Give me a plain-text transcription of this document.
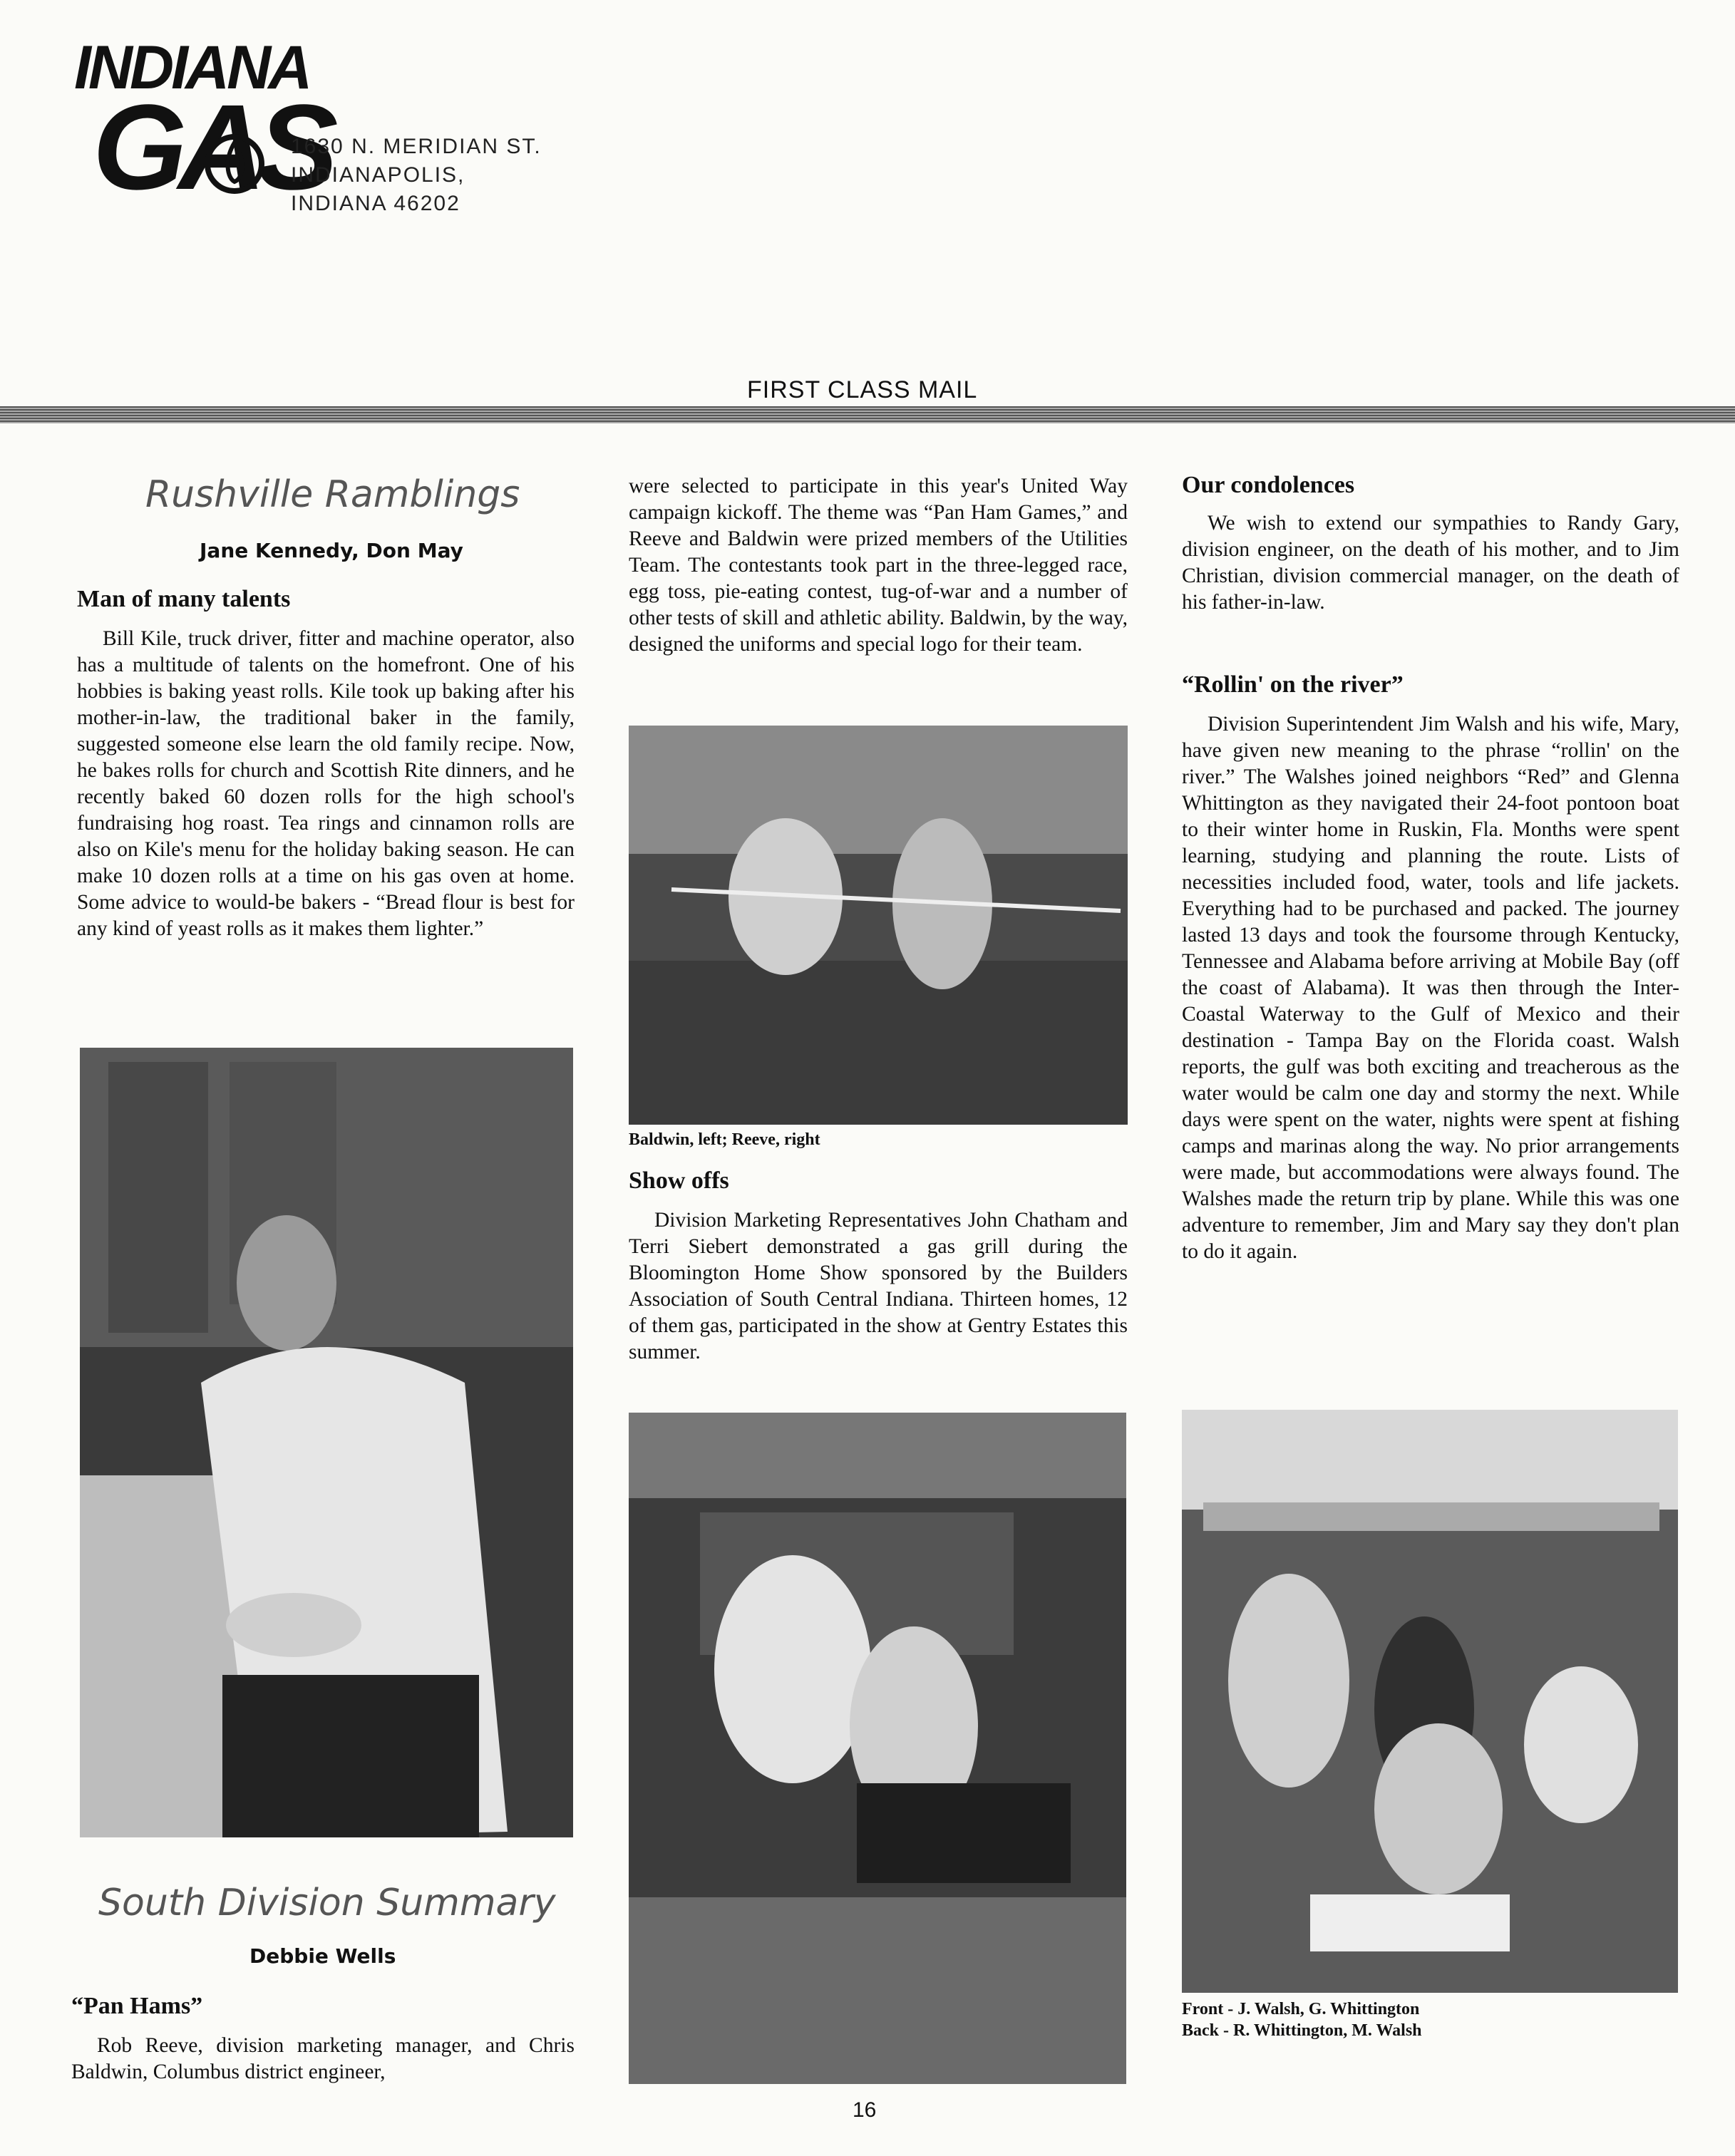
INDIANA
GAS
1630 N. MERIDIAN ST.
INDIANAPOLIS,
INDIANA 46202
FIRST CLASS MAIL
Rushville Ramblings
Jane Kennedy, Don May
Man of many talents

Bill Kile, truck driver, fitter and machine operator, also has a multitude of talents on the homefront. One of his hobbies is baking yeast rolls. Kile took up baking after his mother-in-law, the traditional baker in the family, suggested someone else learn the old family recipe. Now, he bakes rolls for church and Scottish Rite dinners, and he recently baked 60 dozen rolls for the high school's fundraising hog roast. Tea rings and cinnamon rolls are also on Kile's menu for the holiday baking season. He can make 10 dozen rolls at a time on his gas oven at home. Some advice to would-be bakers - “Bread flour is best for any kind of yeast rolls as it makes them lighter.”

South Division Summary
Debbie Wells
“Pan Hams”

Rob Reeve, division marketing manager, and Chris Baldwin, Columbus district engineer,

were selected to participate in this year's United Way campaign kickoff. The theme was “Pan Ham Games,” and Reeve and Baldwin were prized members of the Utilities Team. The contestants took part in the three-legged race, egg toss, pie-eating contest, tug-of-war and a number of other tests of skill and athletic ability. Baldwin, by the way, designed the uniforms and special logo for their team.

Baldwin, left; Reeve, right
Show offs

Division Marketing Representatives John Chatham and Terri Siebert demonstrated a gas grill during the Bloomington Home Show sponsored by the Builders Association of South Central Indiana. Thirteen homes, 12 of them gas, participated in the show at Gentry Estates this summer.

Our condolences

We wish to extend our sympathies to Randy Gary, division engineer, on the death of his mother, and to Jim Christian, division commercial manager, on the death of his father-in-law.

“Rollin' on the river”

Division Superintendent Jim Walsh and his wife, Mary, have given new meaning to the phrase “rollin' on the river.” The Walshes joined neighbors “Red” and Glenna Whittington as they navigated their 24-foot pontoon boat to their winter home in Ruskin, Fla. Months were spent learning, studying and planning the route. Lists of necessities included food, water, tools and life jackets. Everything had to be purchased and packed. The journey lasted 13 days and took the foursome through Kentucky, Tennessee and Alabama before arriving at Mobile Bay (off the coast of Alabama). It was then through the Inter-Coastal Waterway to the Gulf of Mexico and their destination - Tampa Bay on the Florida coast. Walsh reports, the gulf was both exciting and treacherous as the water would be calm one day and stormy the next. While days were spent on the water, nights were spent at fishing camps and marinas along the way. No prior arrangements were made, but accommodations were always found. The Walshes made the return trip by plane. While this was one adventure to remember, Jim and Mary say they don't plan to do it again.

Front - J. Walsh, G. Whittington
Back - R. Whittington, M. Walsh
16
